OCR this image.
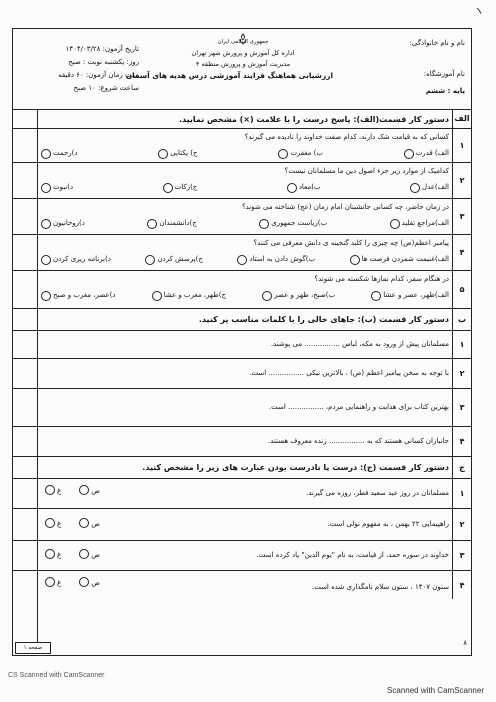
۱
نام و نام خانوادگی:
نام آموزشگاه:
پایه : ششم
جمهوری اسلامی ایران
اداره کل آموزش و پرورش شهر تهران
مدیریت آموزش و پرورش منطقه ۴
ارزشیابی هماهنگ فرایند آموزشی درس هدیه های آسمان
تاریخ آزمون: ۱۴۰۴/۰۳/۲۸
روز: یکشنبه نوبت : صبح
مدت زمان آزمون: ۶۰ دقیقه
ساعت شروع: ۱۰ صبح
الف
دستور کار قسمت(الف): پاسخ درست را با علامت (×) مشخص نمایید.
۱
کسانی که به قیامت شک دارند، کدام صفت خداوند را نادیده می گیرند؟
الف) قدرت
ب) مغفرت
ج) یکتایی
د)رحمت
۲
کدامیک از موارد زیر جزء اصول دین ما مسلمانان نیست؟
الف)عدل
ب)معاد
ج)زکات
د)نبوت
۳
در زمان حاضر، چه کسانی جانشینان امام زمان (عج) شناخته می شوند؟
الف)مراجع تقلید
ب)ریاست جمهوری
ج)دانشمندان
د)روحانیون
۴
پیامبر اعظم(ص) چه چیزی را کلید گنجینه ی دانش معرفی می کنند؟
الف)غنیمت شمردن فرصت ها
ب)گوش دادن به استاد
ج)پرسش کردن
د)برنامه ریزی کردن
۵
در هنگام سفر، کدام نمازها شکسته می شوند؟
الف)ظهر، عصر و عشا
ب)صبح، ظهر و عصر
ج)ظهر، مغرب و عشا
د)عصر، مغرب و صبح
ب
دستور کار قسمت (ب): جاهای خالی را با کلمات مناسب پر کنید.
۱
مسلمانان پیش از ورود به مکه، لباس ................ می پوشند.
۲
با توجه به سخن پیامبر اعظم (ص) ، بالاترین نیکی ................ است.
۳
بهترین کتاب برای هدایت و راهنمایی مردم، ................ است.
۴
جانبازان کسانی هستند که به ................ زنده معروف هستند.
ج
دستور کار قسمت (ج): درست یا نادرست بودن عبارت های زیر را مشخص کنید.
۱
مسلمانان در روز عید سعید فطر، روزه می گیرند.
غ	ص
۲
راهپیمایی ۲۲ بهمن ، به مفهوم تولی است.
غ	ص
۳
خداوند در سوره حمد، از قیامت، به نام "یوم الدین" یاد کرده است.
غ	ص
۴
ستون ۱۴۰۷ ، ستون سلام نامگذاری شده است.
غ	ص
صفحه ۱
۸
CS Scanned with CamScanner
Scanned with CamScanner
